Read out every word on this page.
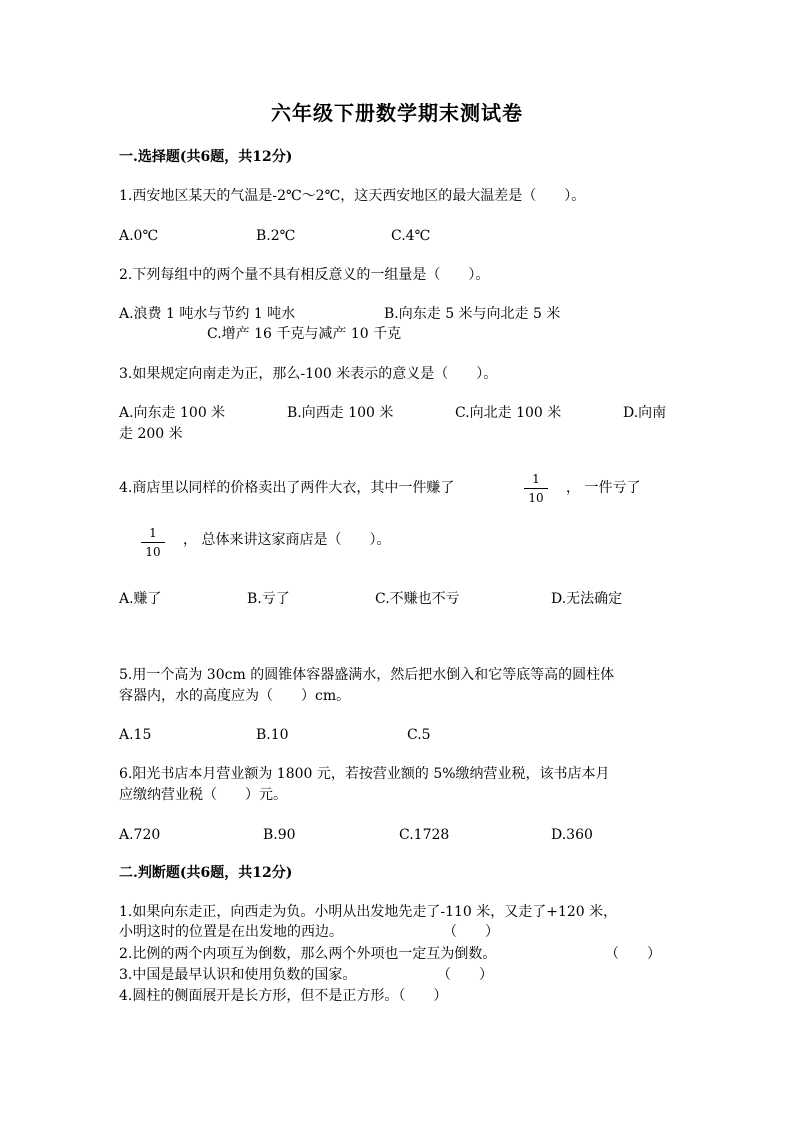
六年级下册数学期末测试卷
一.选择题(共6题，共12分)
1.西安地区某天的气温是-2℃～2℃，这天西安地区的最大温差是（　　）。
A.0℃	B.2℃	C.4℃
2.下列每组中的两个量不具有相反意义的一组量是（　　）。
A.浪费 1 吨水与节约 1 吨水	B.向东走 5 米与向北走 5 米
C.增产 16 千克与减产 10 千克
3.如果规定向南走为正，那么-100 米表示的意义是（　　）。
A.向东走 100 米	B.向西走 100 米	C.向北走 100 米	D.向南
走 200 米
4.商店里以同样的价格卖出了两件大衣，其中一件赚了
1
10
， 一件亏了
1
10
， 总体来讲这家商店是（　　）。
A.赚了	B.亏了	C.不赚也不亏	D.无法确定
5.用一个高为 30cm 的圆锥体容器盛满水，然后把水倒入和它等底等高的圆柱体
容器内，水的高度应为（　　）cm。
A.15	B.10	C.5
6.阳光书店本月营业额为 1800 元，若按营业额的 5%缴纳营业税，该书店本月
应缴纳营业税（　　）元。
A.720	B.90	C.1728	D.360
二.判断题(共6题，共12分)
1.如果向东走正，向西走为负。小明从出发地先走了-110 米，又走了+120 米，
小明这时的位置是在出发地的西边。	（　　）
2.比例的两个内项互为倒数，那么两个外项也一定互为倒数。	（　　）
3.中国是最早认识和使用负数的国家。	（　　）
4.圆柱的侧面展开是长方形，但不是正方形。（　　）
